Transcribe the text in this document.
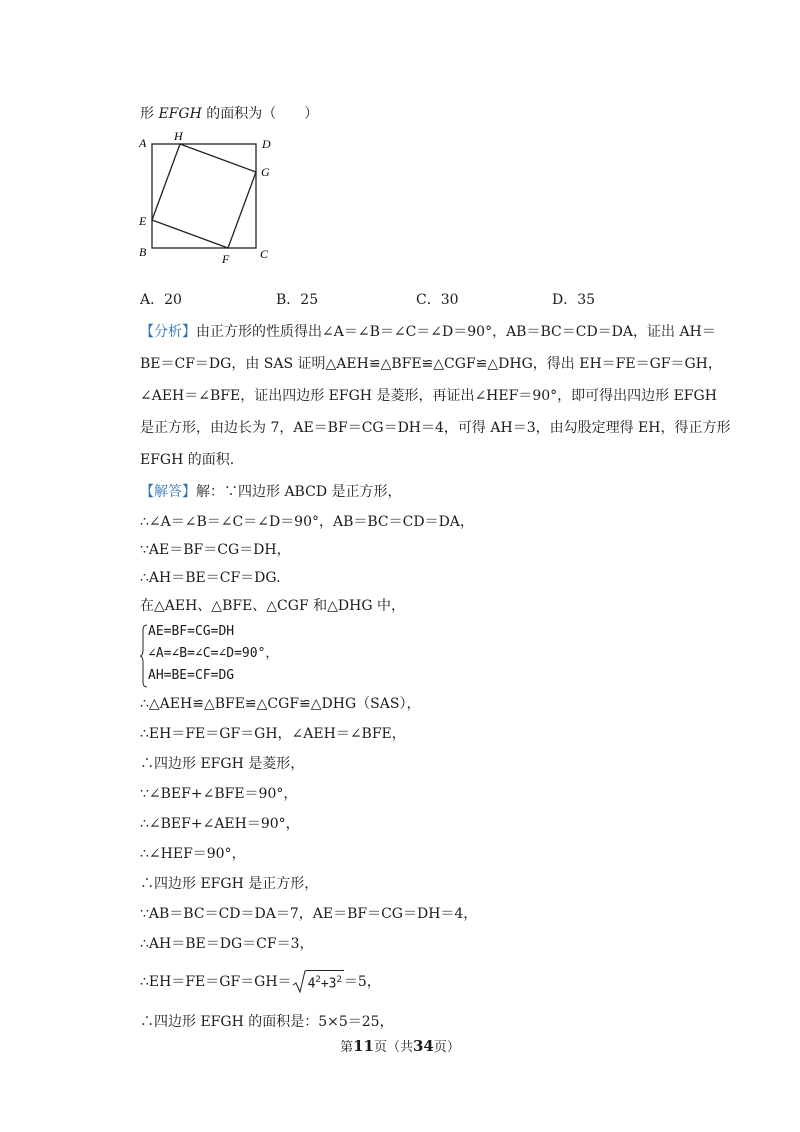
形 EFGH 的面积为（　　）
A H
D
G
E
B	F	C
A．20	B．25	C．30	D．35
【分析】由正方形的性质得出∠A＝∠B＝∠C＝∠D＝90°，AB＝BC＝CD＝DA，证出 AH＝
BE＝CF＝DG，由 SAS 证明△AEH≌△BFE≌△CGF≌△DHG，得出 EH＝FE＝GF＝GH，
∠AEH＝∠BFE，证出四边形 EFGH 是菱形，再证出∠HEF＝90°，即可得出四边形 EFGH
是正方形，由边长为 7，AE＝BF＝CG＝DH＝4，可得 AH＝3，由勾股定理得 EH，得正方形
EFGH 的面积.
【解答】解：∵四边形 ABCD 是正方形，
∴∠A＝∠B＝∠C＝∠D＝90°，AB＝BC＝CD＝DA，
∵AE＝BF＝CG＝DH，
∴AH＝BE＝CF＝DG.
在△AEH、△BFE、△CGF 和△DHG 中，
AE=BF=CG=DH
∠A=∠B=∠C=∠D=90°，
AH=BE=CF=DG
∴△AEH≌△BFE≌△CGF≌△DHG（SAS），
∴EH＝FE＝GF＝GH，∠AEH＝∠BFE，
∴四边形 EFGH 是菱形，
∵∠BEF+∠BFE＝90°，
∴∠BEF+∠AEH＝90°，
∴∠HEF＝90°，
∴四边形 EFGH 是正方形，
∵AB＝BC＝CD＝DA＝7，AE＝BF＝CG＝DH＝4，
∴AH＝BE＝DG＝CF＝3，
∴EH＝FE＝GF＝GH＝ $4^2+3^2 =5$，
∴四边形 EFGH 的面积是：5×5＝25，
第11页（共34页）
